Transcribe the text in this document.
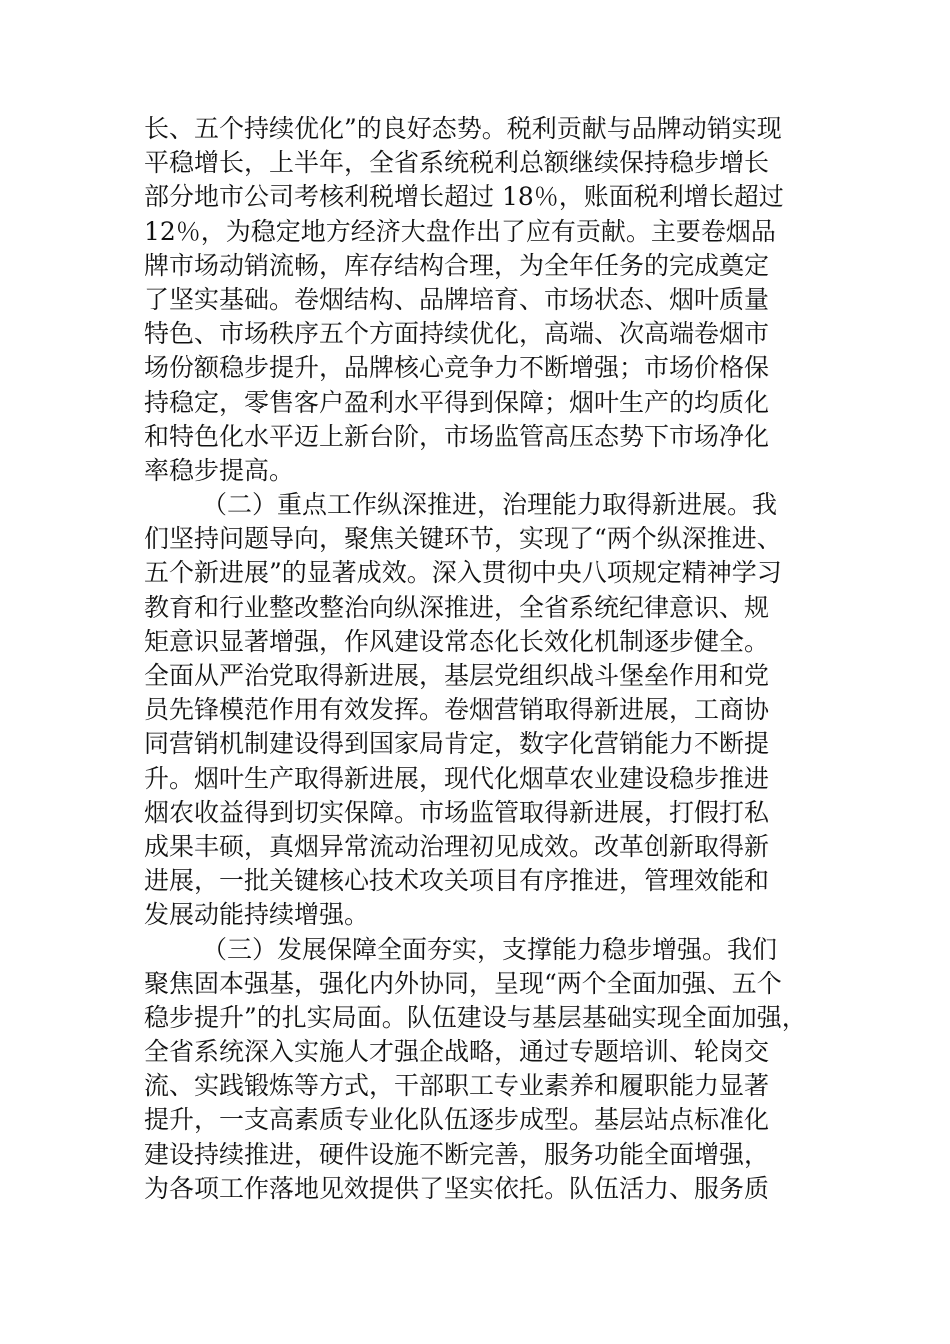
长、五个持续优化”的良好态势。税利贡献与品牌动销实现
平稳增长，上半年，全省系统税利总额继续保持稳步增长
部分地市公司考核利税增长超过 18％，账面税利增长超过
12％，为稳定地方经济大盘作出了应有贡献。主要卷烟品
牌市场动销流畅，库存结构合理，为全年任务的完成奠定
了坚实基础。卷烟结构、品牌培育、市场状态、烟叶质量
特色、市场秩序五个方面持续优化，高端、次高端卷烟市
场份额稳步提升，品牌核心竞争力不断增强；市场价格保
持稳定，零售客户盈利水平得到保障；烟叶生产的均质化
和特色化水平迈上新台阶，市场监管高压态势下市场净化
率稳步提高。
（二）重点工作纵深推进，治理能力取得新进展。我
们坚持问题导向，聚焦关键环节，实现了“两个纵深推进、
五个新进展”的显著成效。深入贯彻中央八项规定精神学习
教育和行业整改整治向纵深推进，全省系统纪律意识、规
矩意识显著增强，作风建设常态化长效化机制逐步健全。
全面从严治党取得新进展，基层党组织战斗堡垒作用和党
员先锋模范作用有效发挥。卷烟营销取得新进展，工商协
同营销机制建设得到国家局肯定，数字化营销能力不断提
升。烟叶生产取得新进展，现代化烟草农业建设稳步推进
烟农收益得到切实保障。市场监管取得新进展，打假打私
成果丰硕，真烟异常流动治理初见成效。改革创新取得新
进展，一批关键核心技术攻关项目有序推进，管理效能和
发展动能持续增强。
（三）发展保障全面夯实，支撑能力稳步增强。我们
聚焦固本强基，强化内外协同，呈现“两个全面加强、五个
稳步提升”的扎实局面。队伍建设与基层基础实现全面加强，
全省系统深入实施人才强企战略，通过专题培训、轮岗交
流、实践锻炼等方式，干部职工专业素养和履职能力显著
提升，一支高素质专业化队伍逐步成型。基层站点标准化
建设持续推进，硬件设施不断完善，服务功能全面增强，
为各项工作落地见效提供了坚实依托。队伍活力、服务质
